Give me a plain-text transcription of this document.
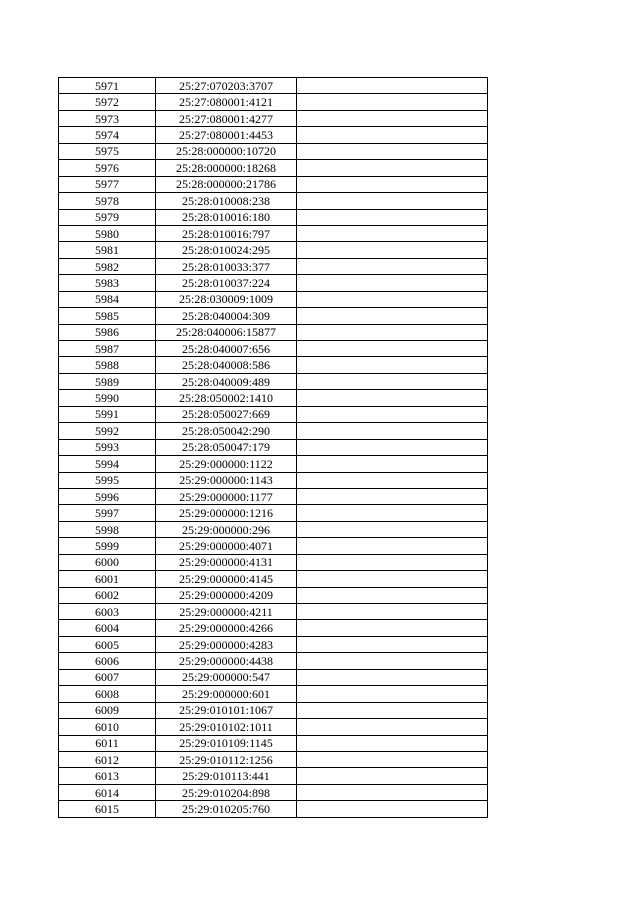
5971	25:27:070203:3707	
5972	25:27:080001:4121	
5973	25:27:080001:4277	
5974	25:27:080001:4453	
5975	25:28:000000:10720	
5976	25:28:000000:18268	
5977	25:28:000000:21786	
5978	25:28:010008:238	
5979	25:28:010016:180	
5980	25:28:010016:797	
5981	25:28:010024:295	
5982	25:28:010033:377	
5983	25:28:010037:224	
5984	25:28:030009:1009	
5985	25:28:040004:309	
5986	25:28:040006:15877	
5987	25:28:040007:656	
5988	25:28:040008:586	
5989	25:28:040009:489	
5990	25:28:050002:1410	
5991	25:28:050027:669	
5992	25:28:050042:290	
5993	25:28:050047:179	
5994	25:29:000000:1122	
5995	25:29:000000:1143	
5996	25:29:000000:1177	
5997	25:29:000000:1216	
5998	25:29:000000:296	
5999	25:29:000000:4071	
6000	25:29:000000:4131	
6001	25:29:000000:4145	
6002	25:29:000000:4209	
6003	25:29:000000:4211	
6004	25:29:000000:4266	
6005	25:29:000000:4283	
6006	25:29:000000:4438	
6007	25:29:000000:547	
6008	25:29:000000:601	
6009	25:29:010101:1067	
6010	25:29:010102:1011	
6011	25:29:010109:1145	
6012	25:29:010112:1256	
6013	25:29:010113:441	
6014	25:29:010204:898	
6015	25:29:010205:760	
